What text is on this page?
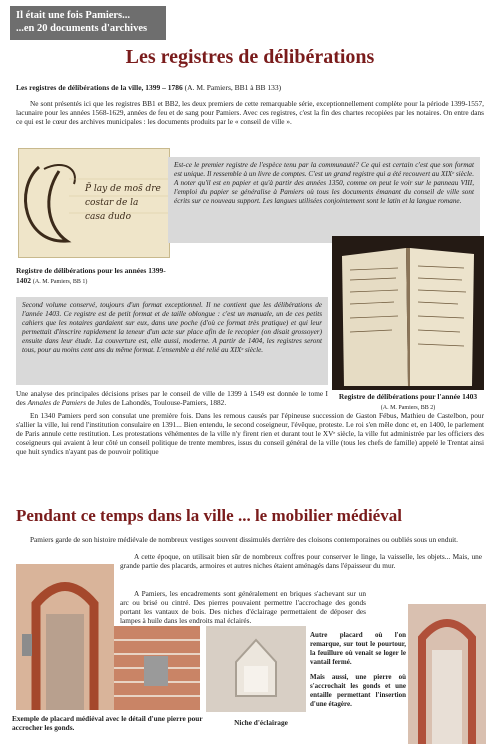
Il était une fois Pamiers...
...en 20 documents d'archives
Les registres de délibérations
Les registres de délibérations de la ville, 1399 – 1786 (A. M. Pamiers, BB1 à BB 133)
Ne sont présentés ici que les registres BB1 et BB2, les deux premiers de cette remarquable série, exceptionnellement complète pour la période 1399-1557, lacunaire pour les années 1568-1629, années de feu et de sang pour Pamiers. Avec ces registres, c'est la fin des chartes recopiées par les notaires. On entre dans ce qui est le cœur des archives municipales : les documents produits par le « conseil de ville ».
P̄ lay de mos̄ dre
costar de la
casa dudo
Est-ce le premier registre de l'espèce tenu par la communauté? Ce qui est certain c'est que son format est unique. Il ressemble à un livre de comptes. C'est un grand registre qui a été recouvert au XIXᵉ siècle. A noter qu'il est en papier et qu'à partir des années 1350, comme on peut le voir sur le panneau VIII, l'emploi du papier se généralise à Pamiers où tous les documents émanant du conseil de ville sont écrits sur ce nouveau support. Les langues utilisées conjointement sont le latin et la langue romane.
Registre de délibérations pour les années 1399-1402 (A. M. Pamiers, BB 1)
Second volume conservé, toujours d'un format exceptionnel. Il ne contient que les délibérations de l'année 1403. Ce registre est de petit format et de taille oblongue : c'est un manuale, un de ces petits cahiers que les notaires gardaient sur eux, dans une poche (d'où ce format très pratique) et qui leur permettait d'inscrire rapidement la teneur d'un acte sur place afin de le recopier (on disait grossoyer) ensuite dans leur étude. La couverture est, elle aussi, moderne. A partir de 1404, les registres seront tous, pour au moins cent ans du même format. L'ensemble a été relié au XIXᵉ siècle.
Une analyse des principales décisions prises par le conseil de ville de 1399 à 1549 est donnée le tome I des Annales de Pamiers de Jules de Lahondès, Toulouse-Pamiers, 1882.
Registre de délibérations pour l'année 1403
(A. M. Pamiers, BB 2)
En 1340 Pamiers perd son consulat une première fois. Dans les remous causés par l'épineuse succession de Gaston Fébus, Mathieu de Castelbon, pour s'allier la ville, lui rend l'institution consulaire en 1391... Bien entendu, le second coseigneur, l'évêque, proteste. Le roi s'en mêle donc et, en 1400, le parlement de Paris annule cette restitution. Les protestations véhémentes de la ville n'y firent rien et durant tout le XVᵉ siècle, la ville fut administrée par les officiers des coseigneurs qui avaient à leur côté un conseil politique de trente membres, issus du conseil général de la ville (tous les chefs de famille) appelé le Trentat ainsi que huit syndics n'ayant pas de pouvoir politique
Pendant ce temps dans la ville ... le mobilier médiéval
Pamiers garde de son histoire médiévale de nombreux vestiges souvent dissimulés derrière des cloisons contemporaines ou oubliés sous un enduit.
A cette époque, on utilisait bien sûr de nombreux coffres pour conserver le linge, la vaisselle, les objets... Mais, une grande partie des placards, armoires et autres niches étaient aménagés dans l'épaisseur du mur.
A Pamiers, les encadrements sont généralement en briques s'achevant sur un arc ou brisé ou cintré. Des pierres pouvaient permettre l'accrochage des gonds portant les vantaux de bois. Des niches d'éclairage permettaient de déposer des lampes à huile dans les endroits mal éclairés.
Autre placard où l'on remarque, sur tout le pourtour, la feuillure où venait se loger le vantail fermé.
Mais aussi, une pierre où s'accrochait les gonds et une entaille permettant l'insertion d'une étagère.
Exemple de placard médiéval avec le détail d'une pierre pour accrocher les gonds.
Niche d'éclairage
